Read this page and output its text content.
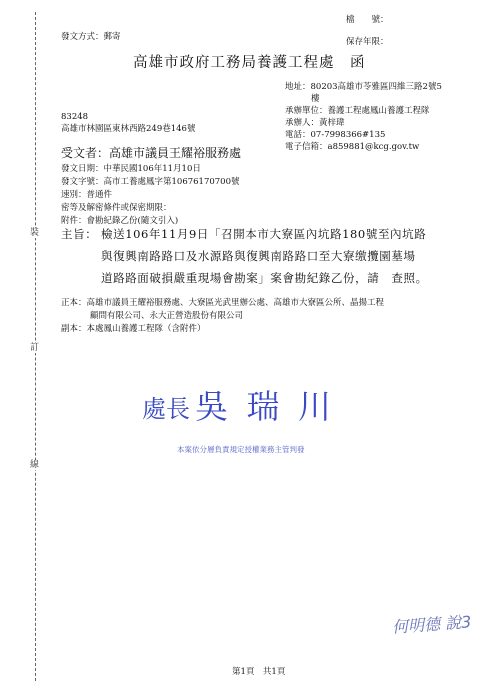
裝
訂
線
檔　　號：
保存年限：
發文方式：郵寄
高雄市政府工務局養護工程處　函
地址：80203高雄市苓雅區四維三路2號5
樓
承辦單位：養護工程處鳳山養護工程隊
承辦人：黃梓瑋
電話：07-7998366#135
電子信箱：a859881@kcg.gov.tw
83248
高雄市林園區東林西路249巷146號
受文者：高雄市議員王耀裕服務處
發文日期：中華民國106年11月10日
發文字號：高市工養處鳳字第10676170700號
速別：普通件
密等及解密條件或保密期限：
附件：會勘紀錄乙份(隨文引入)
主旨： 檢送106年11月9日「召開本市大寮區內坑路180號至內坑路
與復興南路路口及水源路與復興南路路口至大寮缴攬園墓場
道路路面破損嚴重現場會勘案」案會勘紀錄乙份，請　查照。
正本：高雄市議員王耀裕服務處、大寮區光武里辦公處、高雄市大寮區公所、晶揚工程
顧問有限公司、永大正營造股份有限公司
副本：本處鳳山養護工程隊（含附件）
處長 吳 瑞 川
本案依分層負責規定授權業務主管判發
何明德 說3
第1頁　共1頁
